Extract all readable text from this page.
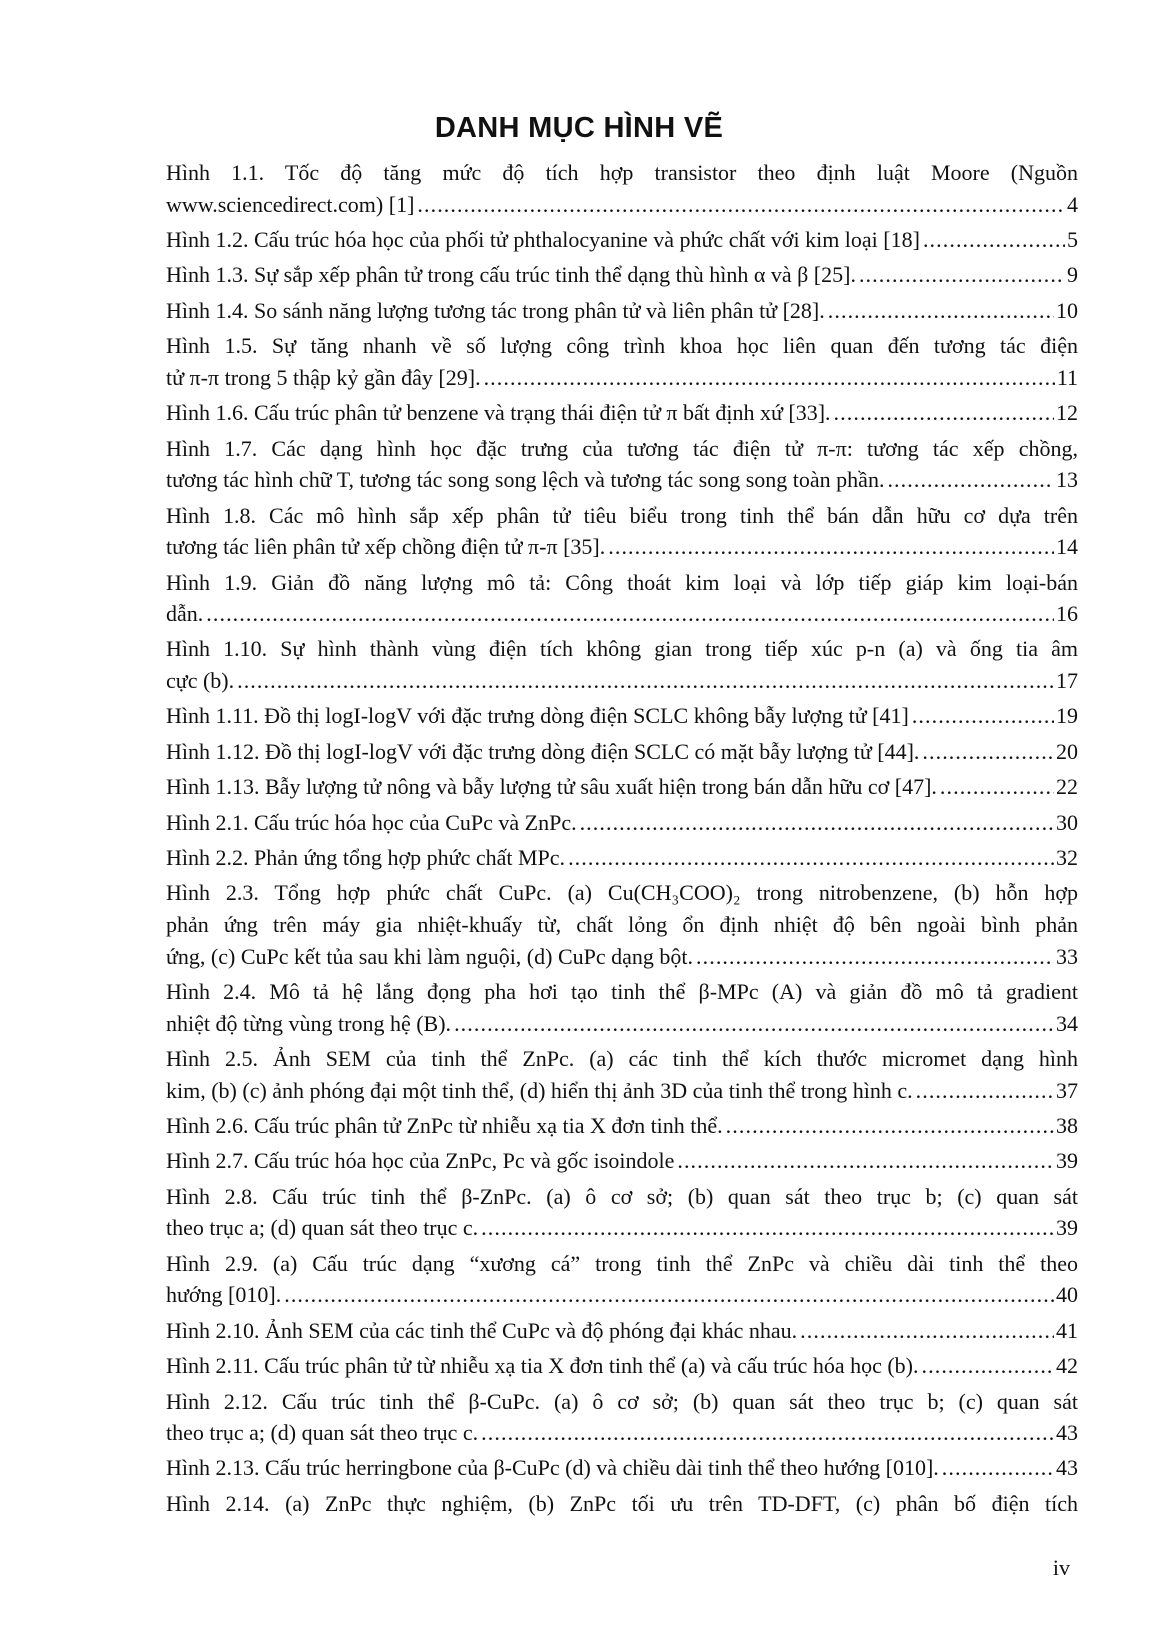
DANH MỤC HÌNH VẼ
Hình 1.1. Tốc độ tăng mức độ tích hợp transistor theo định luật Moore (Nguồn
www.sciencedirect.com) [1] . . .	4
Hình 1.2. Cấu trúc hóa học của phối tử phthalocyanine và phức chất với kim loại [18] . . .	5
Hình 1.3. Sự sắp xếp phân tử trong cấu trúc tinh thể dạng thù hình α và β [25]. . . .	9
Hình 1.4. So sánh năng lượng tương tác trong phân tử và liên phân tử [28]. . . .	10
Hình 1.5. Sự tăng nhanh về số lượng công trình khoa học liên quan đến tương tác điện
tử π-π trong 5 thập kỷ gần đây [29]. . . .	11
Hình 1.6. Cấu trúc phân tử benzene và trạng thái điện tử π bất định xứ [33]. . . .	12
Hình 1.7. Các dạng hình học đặc trưng của tương tác điện tử π-π: tương tác xếp chồng,
tương tác hình chữ T, tương tác song song lệch và tương tác song song toàn phần. . . .	13
Hình 1.8. Các mô hình sắp xếp phân tử tiêu biểu trong tinh thể bán dẫn hữu cơ dựa trên
tương tác liên phân tử xếp chồng điện tử π-π [35]. . . .	14
Hình 1.9. Giản đồ năng lượng mô tả: Công thoát kim loại và lớp tiếp giáp kim loại-bán
dẫn. . . .	16
Hình 1.10. Sự hình thành vùng điện tích không gian trong tiếp xúc p-n (a) và ống tia âm
cực (b). . . .	17
Hình 1.11. Đồ thị logI-logV với đặc trưng dòng điện SCLC không bẫy lượng tử [41] . . .	19
Hình 1.12. Đồ thị logI-logV với đặc trưng dòng điện SCLC có mặt bẫy lượng tử [44]. . . .	20
Hình 1.13. Bẫy lượng tử nông và bẫy lượng tử sâu xuất hiện trong bán dẫn hữu cơ [47]. . . .	22
Hình 2.1. Cấu trúc hóa học của CuPc và ZnPc. . . .	30
Hình 2.2. Phản ứng tổng hợp phức chất MPc. . . .	32
Hình 2.3. Tổng hợp phức chất CuPc. (a) Cu(CH₃COO)₂ trong nitrobenzene, (b) hỗn hợp
phản ứng trên máy gia nhiệt-khuấy từ, chất lỏng ổn định nhiệt độ bên ngoài bình phản
ứng, (c) CuPc kết tủa sau khi làm nguội, (d) CuPc dạng bột. . . .	33
Hình 2.4. Mô tả hệ lắng đọng pha hơi tạo tinh thể β-MPc (A) và giản đồ mô tả gradient
nhiệt độ từng vùng trong hệ (B). . . .	34
Hình 2.5. Ảnh SEM của tinh thể ZnPc. (a) các tinh thể kích thước micromet dạng hình
kim, (b) (c) ảnh phóng đại một tinh thể, (d) hiển thị ảnh 3D của tinh thể trong hình c. . . .	37
Hình 2.6. Cấu trúc phân tử ZnPc từ nhiễu xạ tia X đơn tinh thể. . . .	38
Hình 2.7. Cấu trúc hóa học của ZnPc, Pc và gốc isoindole . . .	39
Hình 2.8. Cấu trúc tinh thể β-ZnPc. (a) ô cơ sở; (b) quan sát theo trục b; (c) quan sát
theo trục a; (d) quan sát theo trục c. . . .	39
Hình 2.9. (a) Cấu trúc dạng “xương cá” trong tinh thể ZnPc và chiều dài tinh thể theo
hướng [010]. . . .	40
Hình 2.10. Ảnh SEM của các tinh thể CuPc và độ phóng đại khác nhau. . . .	41
Hình 2.11. Cấu trúc phân tử từ nhiễu xạ tia X đơn tinh thể (a) và cấu trúc hóa học (b). . . .	42
Hình 2.12. Cấu trúc tinh thể β-CuPc. (a) ô cơ sở; (b) quan sát theo trục b; (c) quan sát
theo trục a; (d) quan sát theo trục c. . . .	43
Hình 2.13. Cấu trúc herringbone của β-CuPc (d) và chiều dài tinh thể theo hướng [010]. . . .	43
Hình 2.14. (a) ZnPc thực nghiệm, (b) ZnPc tối ưu trên TD-DFT, (c) phân bố điện tích
iv
